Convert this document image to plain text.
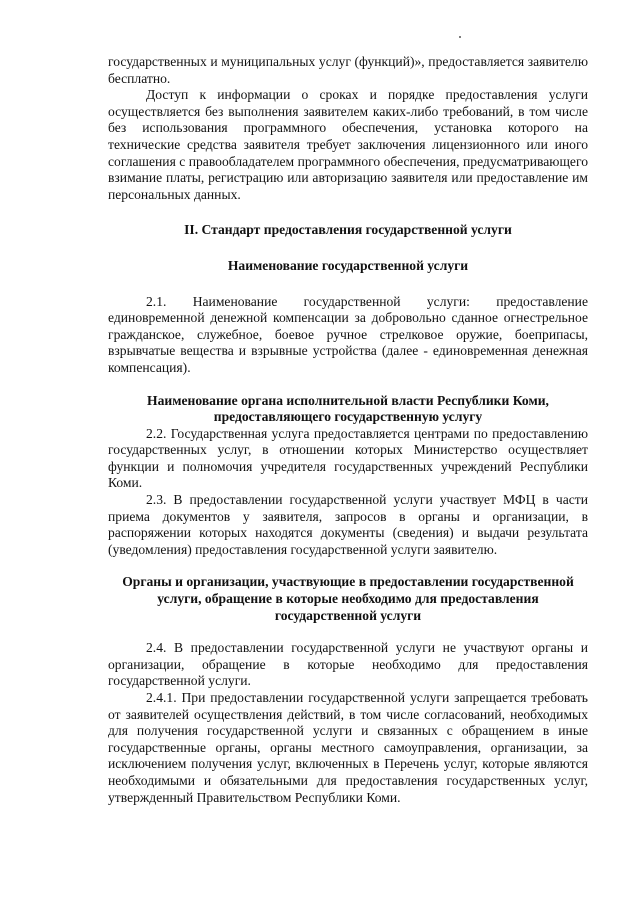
государственных и муниципальных услуг (функций)», предоставляется заявителю бесплатно.

Доступ к информации о сроках и порядке предоставления услуги осуществляется без выполнения заявителем каких-либо требований, в том числе без использования программного обеспечения, установка которого на технические средства заявителя требует заключения лицензионного или иного соглашения с правообладателем программного обеспечения, предусматривающего взимание платы, регистрацию или авторизацию заявителя или предоставление им персональных данных.

II. Стандарт предоставления государственной услуги

Наименование государственной услуги

2.1. Наименование государственной услуги: предоставление единовременной денежной компенсации за добровольно сданное огнестрельное гражданское, служебное, боевое ручное стрелковое оружие, боеприпасы, взрывчатые вещества и взрывные устройства (далее - единовременная денежная компенсация).

Наименование органа исполнительной власти Республики Коми,

предоставляющего государственную услугу

2.2. Государственная услуга предоставляется центрами по предоставлению государственных услуг, в отношении которых Министерство осуществляет функции и полномочия учредителя государственных учреждений Республики Коми.

2.3. В предоставлении государственной услуги участвует МФЦ в части приема документов у заявителя, запросов в органы и организации, в распоряжении которых находятся документы (сведения) и выдачи результата (уведомления) предоставления государственной услуги заявителю.

Органы и организации, участвующие в предоставлении государственной

услуги, обращение в которые необходимо для предоставления

государственной услуги

2.4. В предоставлении государственной услуги не участвуют органы и организации, обращение в которые необходимо для предоставления государственной услуги.

2.4.1. При предоставлении государственной услуги запрещается требовать от заявителей осуществления действий, в том числе согласований, необходимых для получения государственной услуги и связанных с обращением в иные государственные органы, органы местного самоуправления, организации, за исключением получения услуг, включенных в Перечень услуг, которые являются необходимыми и обязательными для предоставления государственных услуг, утвержденный Правительством Республики Коми.
